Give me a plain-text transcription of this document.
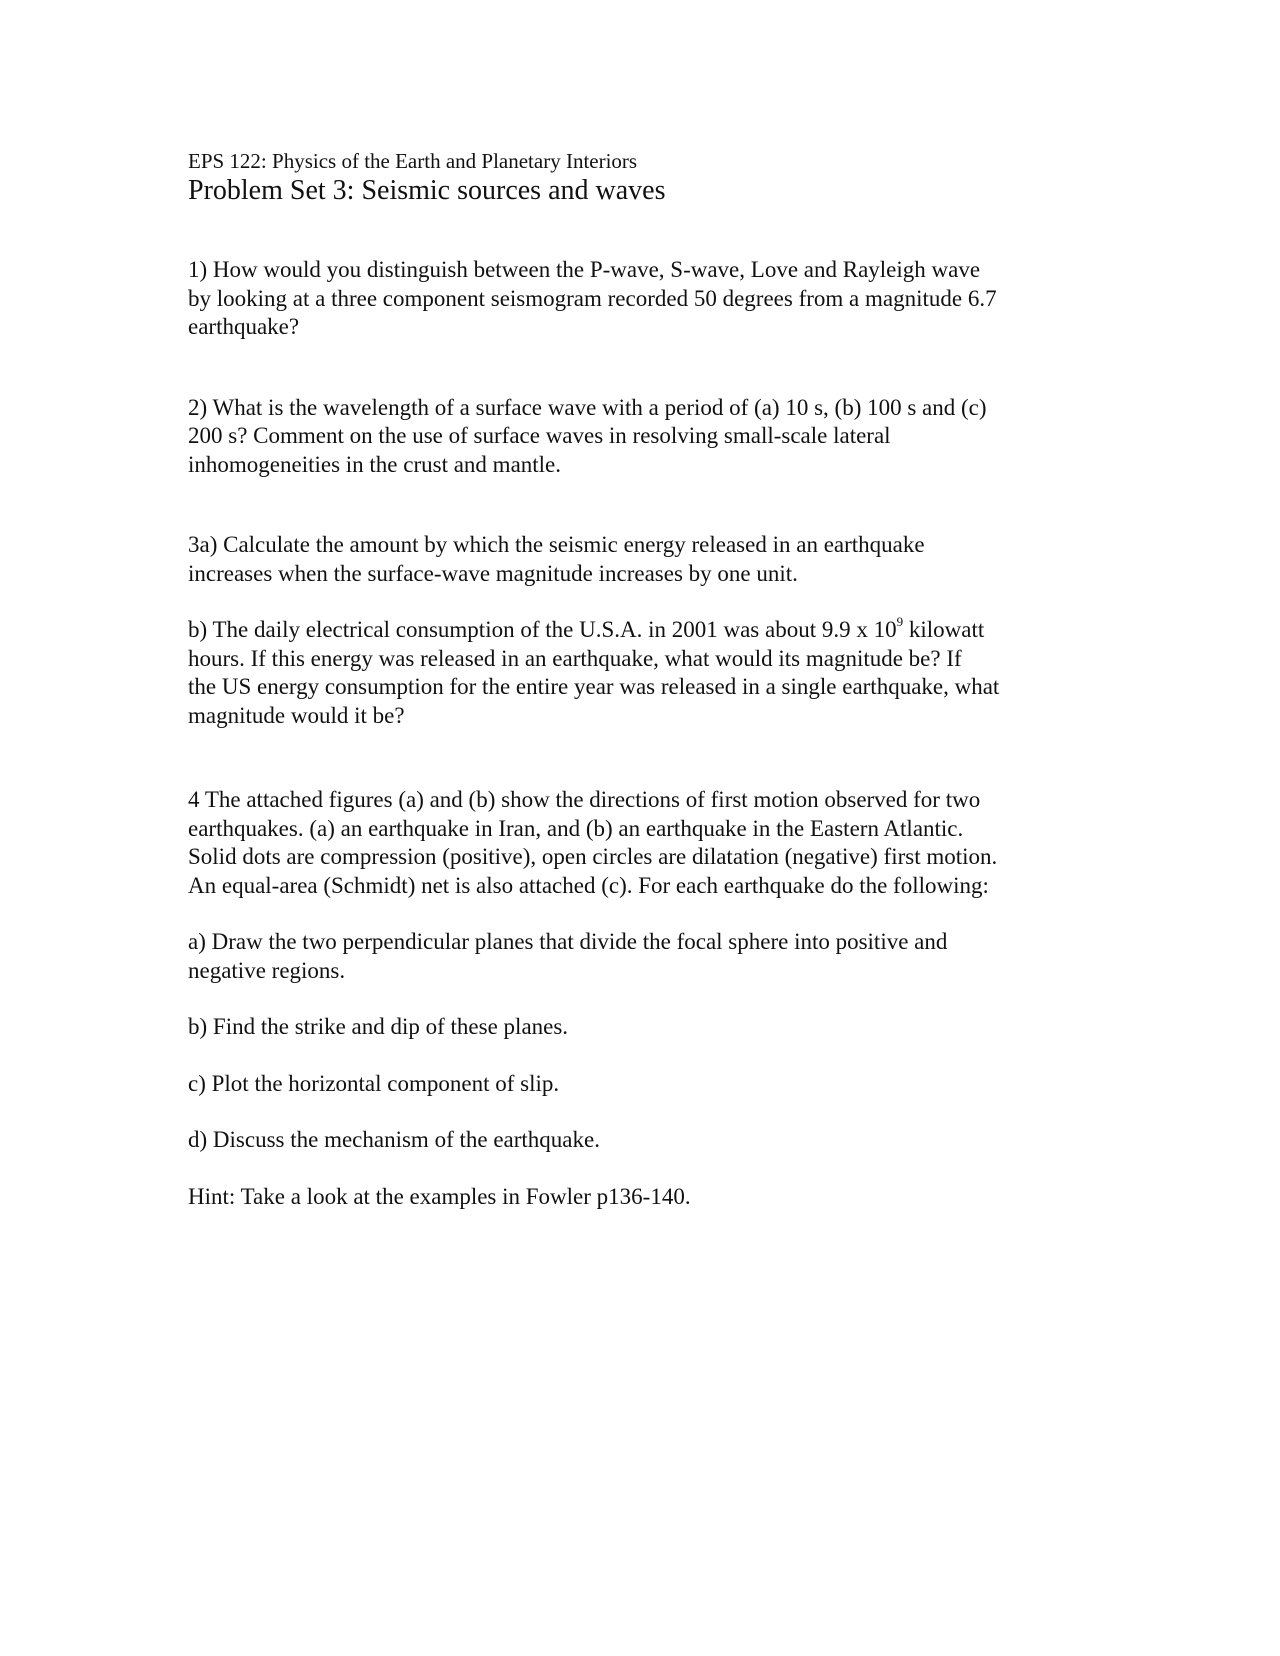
EPS 122: Physics of the Earth and Planetary Interiors

Problem Set 3: Seismic sources and waves

1) How would you distinguish between the P-wave, S-wave, Love and Rayleigh wave
by looking at a three component seismogram recorded 50 degrees from a magnitude 6.7
earthquake?

2) What is the wavelength of a surface wave with a period of (a) 10 s, (b) 100 s and (c)
200 s? Comment on the use of surface waves in resolving small-scale lateral
inhomogeneities in the crust and mantle.

3a) Calculate the amount by which the seismic energy released in an earthquake
increases when the surface-wave magnitude increases by one unit.

b) The daily electrical consumption of the U.S.A. in 2001 was about 9.9 x $10^9$ kilowatt
hours. If this energy was released in an earthquake, what would its magnitude be? If
the US energy consumption for the entire year was released in a single earthquake, what
magnitude would it be?

4 The attached figures (a) and (b) show the directions of first motion observed for two
earthquakes. (a) an earthquake in Iran, and (b) an earthquake in the Eastern Atlantic.
Solid dots are compression (positive), open circles are dilatation (negative) first motion.
An equal-area (Schmidt) net is also attached (c). For each earthquake do the following:

a) Draw the two perpendicular planes that divide the focal sphere into positive and
negative regions.

b) Find the strike and dip of these planes.

c) Plot the horizontal component of slip.

d) Discuss the mechanism of the earthquake.

Hint: Take a look at the examples in Fowler p136-140.
